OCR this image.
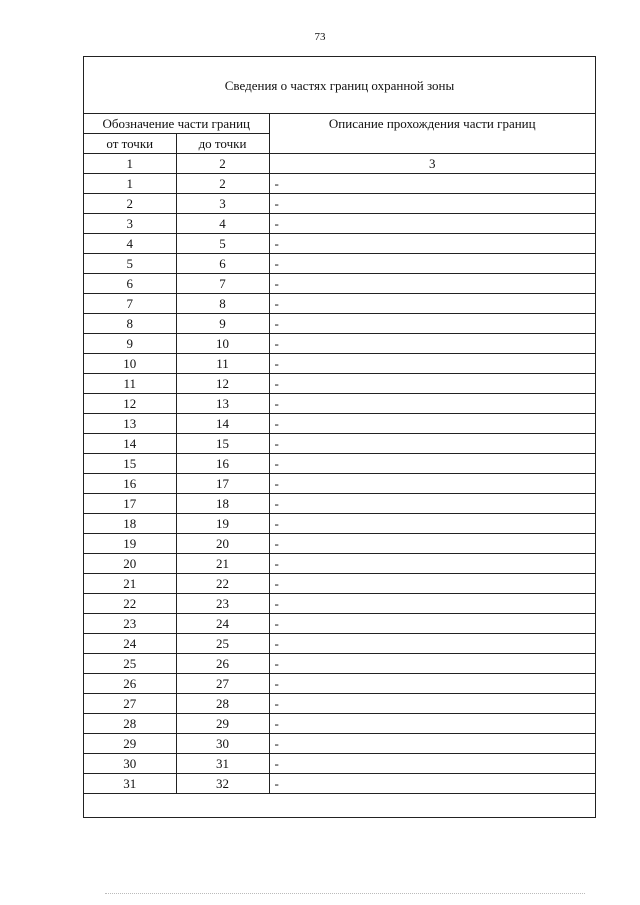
73
Сведения о частях границ охранной зоны
Обозначение части границ		Описание прохождения части границ
от точки	до точки	
1	2	3
1	2	-
2	3	-
3	4	-
4	5	-
5	6	-
6	7	-
7	8	-
8	9	-
9	10	-
10	11	-
11	12	-
12	13	-
13	14	-
14	15	-
15	16	-
16	17	-
17	18	-
18	19	-
19	20	-
20	21	-
21	22	-
22	23	-
23	24	-
24	25	-
25	26	-
26	27	-
27	28	-
28	29	-
29	30	-
30	31	-
31	32	-
